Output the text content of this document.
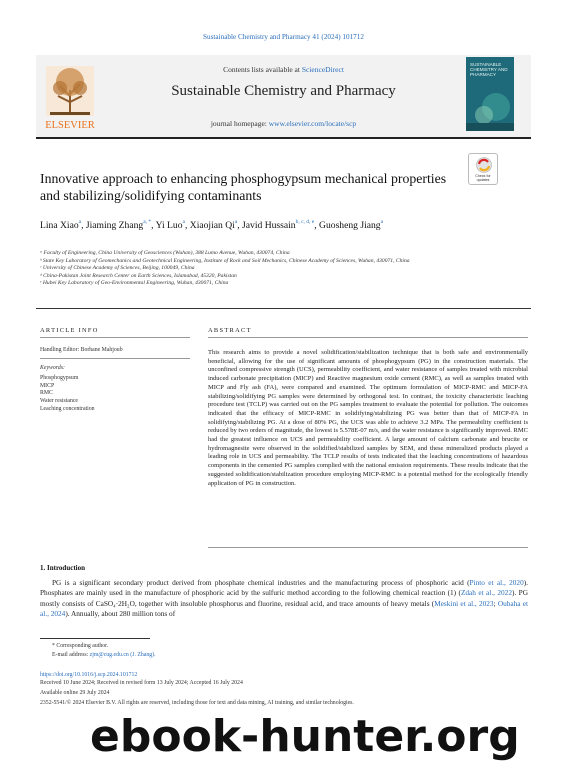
Sustainable Chemistry and Pharmacy 41 (2024) 101712
Contents lists available at ScienceDirect
Sustainable Chemistry and Pharmacy
journal homepage: www.elsevier.com/locate/scp
ELSEVIER
SUSTAINABLE CHEMISTRY AND PHARMACY
Innovative approach to enhancing phosphogypsum mechanical properties and stabilizing/solidifying contaminants
Check for updates
Lina Xiao$^a$, Jiaming Zhang$^{a, *}$, Yi Luo$^a$, Xiaojian Qi$^a$, Javid Hussain$^{b, c, d, e}$, Guosheng Jiang$^a$
ᵃ Faculty of Engineering, China University of Geosciences (Wuhan), 388 Lumo Avenue, Wuhan, 430074, China
ᵇ State Key Laboratory of Geomechanics and Geotechnical Engineering, Institute of Rock and Soil Mechanics, Chinese Academy of Sciences, Wuhan, 430071, China
ᶜ University of Chinese Academy of Sciences, Beijing, 100049, China
ᵈ China-Pakistan Joint Research Center on Earth Sciences, Islamabad, 45320, Pakistan
ᵉ Hubei Key Laboratory of Geo-Environmental Engineering, Wuhan, 430071, China
ARTICLE INFO
Handling Editor: Borhane Mahjoub
Keywords:
Phosphogypsum
MICP
RMC
Water resistance
Leaching concentration
ABSTRACT
This research aims to provide a novel solidification/stabilization technique that is both safe and environmentally beneficial, allowing for the use of significant amounts of phosphogypsum (PG) in the construction materials. The unconfined compressive strength (UCS), permeability coefficient, and water resistance of samples treated with microbial induced carbonate precipitation (MICP) and Reactive magnesium oxide cement (RMC), as well as samples treated with MICP and Fly ash (FA), were compared and examined. The optimum formulation of MICP-RMC and MICP-FA stabilizing/solidifying PG samples were determined by orthogonal test. In contrast, the toxicity characteristic leaching procedure test (TCLP) was carried out on the PG samples treatment to evaluate the potential for pollution. The outcomes indicated that the efficacy of MICP-RMC in solidifying/stabilizing PG was better than that of MICP-FA in solidifying/stabilizing PG. At a dose of 80% PG, the UCS was able to achieve 3.2 MPa. The permeability coefficient is reduced by two orders of magnitude, the lowest is 5.578E-07 m/s, and the water resistance is significantly improved. RMC had the greatest influence on UCS and permeability coefficient. A large amount of calcium carbonate and brucite or hydromagnesite were observed in the solidified/stabilized samples by SEM, and these mineralized products played a leading role in UCS and permeability. The TCLP results of tests indicated that the leaching concentrations of hazardous components in the cemented PG samples complied with the national emission requirements. These results indicate that the suggested solidification/stabilization procedure employing MICP-RMC is a potential method for the ecologically friendly application of PG in construction.
1. Introduction
PG is a significant secondary product derived from phosphate chemical industries and the manufacturing process of phosphoric acid (Pinto et al., 2020). Phosphates are mainly used in the manufacture of phosphoric acid by the sulfuric method according to the following chemical reaction (1) (Zdah et al., 2022). PG mostly consists of CaSO₄·2H₂O, together with insoluble phosphorus and fluorine, residual acid, and trace amounts of heavy metals (Meskini et al., 2023; Oubaha et al., 2024). Annually, about 280 million tons of
* Corresponding author.
E-mail address: zjm@cug.edu.cn (J. Zhang).
https://doi.org/10.1016/j.scp.2024.101712
Received 10 June 2024; Received in revised form 13 July 2024; Accepted 16 July 2024
Available online 29 July 2024
2352-5541/© 2024 Elsevier B.V. All rights are reserved, including those for text and data mining, AI training, and similar technologies.
ebook-hunter.org
